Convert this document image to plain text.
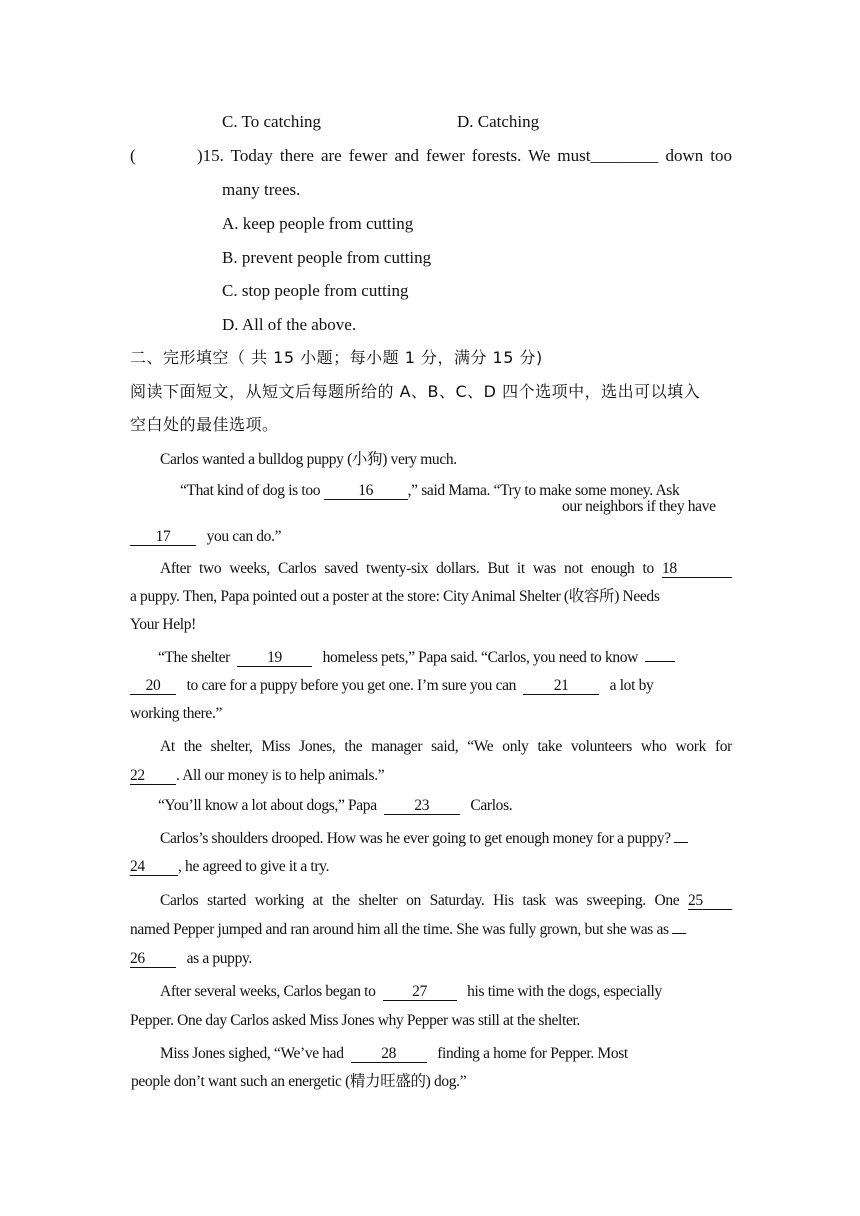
C. To catching	D. Catching
(	)15. Today there are fewer and fewer forests. We must________ down too
many trees.
A. keep people from cutting
B. prevent people from cutting
C. stop people from cutting
D. All of the above.
二、完形填空（ 共 15 小题；每小题 1 分，满分 15 分)
阅读下面短文，从短文后每题所给的 A、B、C、D 四个选项中，选出可以填入
空白处的最佳选项。
Carlos wanted a bulldog puppy (小狗) very much.
“That kind of dog is too 16 ,” said Mama. “Try to make some money. Ask
our neighbors if they have
17 you can do.”
After two weeks, Carlos saved twenty-six dollars. But it was not enough to 18
a puppy. Then, Papa pointed out a poster at the store: City Animal Shelter (收容所) Needs
Your Help!
“The shelter 19	homeless pets,” Papa said. “Carlos, you need to know
20 to care for a puppy before you get one. I’m sure you can 21	a lot by
working there.”
At the shelter, Miss Jones, the manager said, “We only take volunteers who work for
22 . All our money is to help animals.”
“You’ll know a lot about dogs,” Papa 23	Carlos.
Carlos’s shoulders drooped. How was he ever going to get enough money for a puppy?
24 , he agreed to give it a try.
Carlos started working at the shelter on Saturday. His task was sweeping. One 25
named Pepper jumped and ran around him all the time. She was fully grown, but she was as
26	as a puppy.
After several weeks, Carlos began to 27	his time with the dogs, especially
Pepper. One day Carlos asked Miss Jones why Pepper was still at the shelter.
Miss Jones sighed, “We’ve had 28	finding a home for Pepper. Most
people don’t want such an energetic (精力旺盛的) dog.”
